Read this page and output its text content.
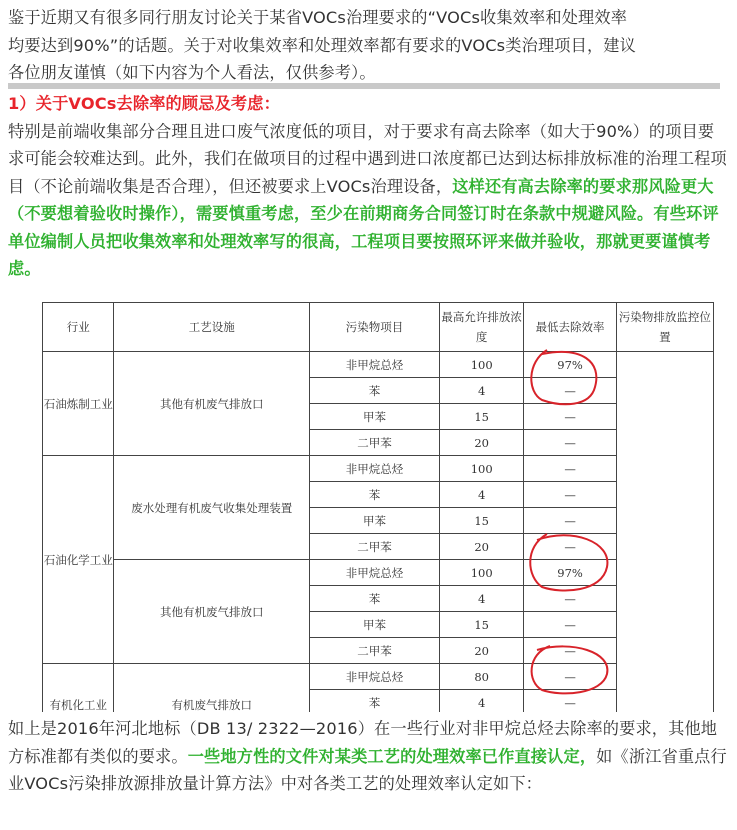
鉴于近期又有很多同行朋友讨论关于某省VOCs治理要求的“VOCs收集效率和处理效率
均要达到90%”的话题。关于对收集效率和处理效率都有要求的VOCs类治理项目，建议
各位朋友谨慎（如下内容为个人看法，仅供参考）。
1）关于VOCs去除率的顾忌及考虑：
特别是前端收集部分合理且进口废气浓度低的项目，对于要求有高去除率（如大于90%）的项目要求可能会较难达到。此外，我们在做项目的过程中遇到进口浓度都已达到达标排放标准的治理工程项目（不论前端收集是否合理），但还被要求上VOCs治理设备，这样还有高去除率的要求那风险更大（不要想着验收时操作），需要慎重考虑，至少在前期商务合同签订时在条款中规避风险。有些环评单位编制人员把收集效率和处理效率写的很高，工程项目要按照环评来做并验收，那就更要谨慎考虑。
行业	工艺设施	污染物项目	最高允许排放浓度	最低去除效率	污染物排放监控位置
石油炼制工业	其他有机废气排放口	非甲烷总烃	100	97%	
		苯	4	—	
		甲苯	15	—	
		二甲苯	20	—	
石油化学工业	废水处理有机废气收集处理装置	非甲烷总烃	100	—	
		苯	4	—	
		甲苯	15	—	
		二甲苯	20	—	
	其他有机废气排放口	非甲烷总烃	100	97%	
		苯	4	—	
		甲苯	15	—	
		二甲苯	20	—	
有机化工业	有机废气排放口	非甲烷总烃	80	—	
		苯	4	—	
如上是2016年河北地标（DB 13/ 2322—2016）在一些行业对非甲烷总烃去除率的要求，其他地方标准都有类似的要求。一些地方性的文件对某类工艺的处理效率已作直接认定，如《浙江省重点行业VOCs污染排放源排放量计算方法》中对各类工艺的处理效率认定如下：
